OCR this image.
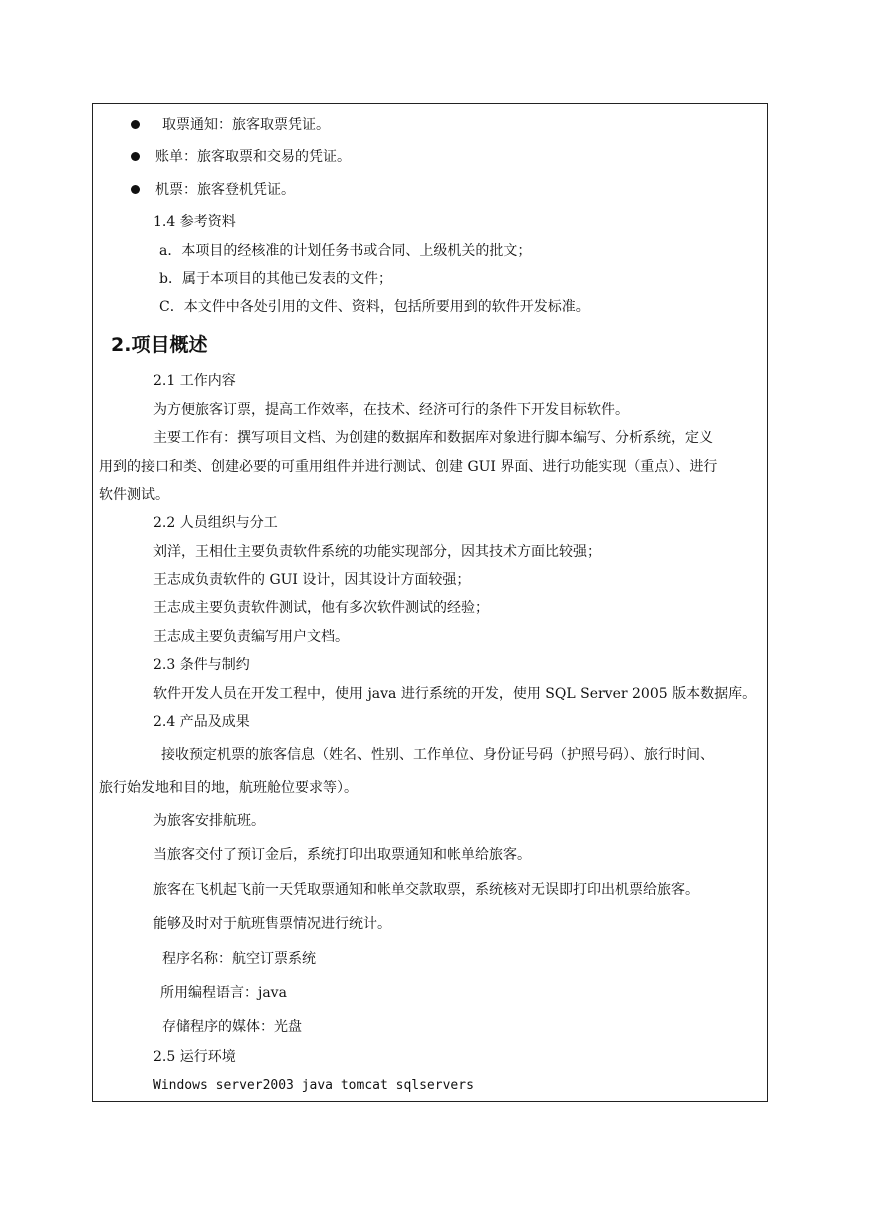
取票通知：旅客取票凭证。
账单：旅客取票和交易的凭证。
机票：旅客登机凭证。
1.4 参考资料
a．本项目的经核准的计划任务书或合同、上级机关的批文；
b．属于本项目的其他已发表的文件；
C．本文件中各处引用的文件、资料，包括所要用到的软件开发标准。
2.项目概述
2.1 工作内容
为方便旅客订票，提高工作效率，在技术、经济可行的条件下开发目标软件。
主要工作有：撰写项目文档、为创建的数据库和数据库对象进行脚本编写、分析系统，定义
用到的接口和类、创建必要的可重用组件并进行测试、创建 GUI 界面、进行功能实现（重点）、进行
软件测试。
2.2 人员组织与分工
刘洋，王相仕主要负责软件系统的功能实现部分，因其技术方面比较强；
王志成负责软件的 GUI 设计，因其设计方面较强；
王志成主要负责软件测试，他有多次软件测试的经验；
王志成主要负责编写用户文档。
2.3 条件与制约
软件开发人员在开发工程中，使用 java 进行系统的开发，使用 SQL Server 2005 版本数据库。
2.4 产品及成果
接收预定机票的旅客信息（姓名、性别、工作单位、身份证号码（护照号码）、旅行时间、
旅行始发地和目的地，航班舱位要求等）。
为旅客安排航班。
当旅客交付了预订金后，系统打印出取票通知和帐单给旅客。
旅客在飞机起飞前一天凭取票通知和帐单交款取票，系统核对无误即打印出机票给旅客。
能够及时对于航班售票情况进行统计。
程序名称：航空订票系统
所用编程语言：java
存储程序的媒体：光盘
2.5 运行环境
Windows server2003 java tomcat sqlservers
